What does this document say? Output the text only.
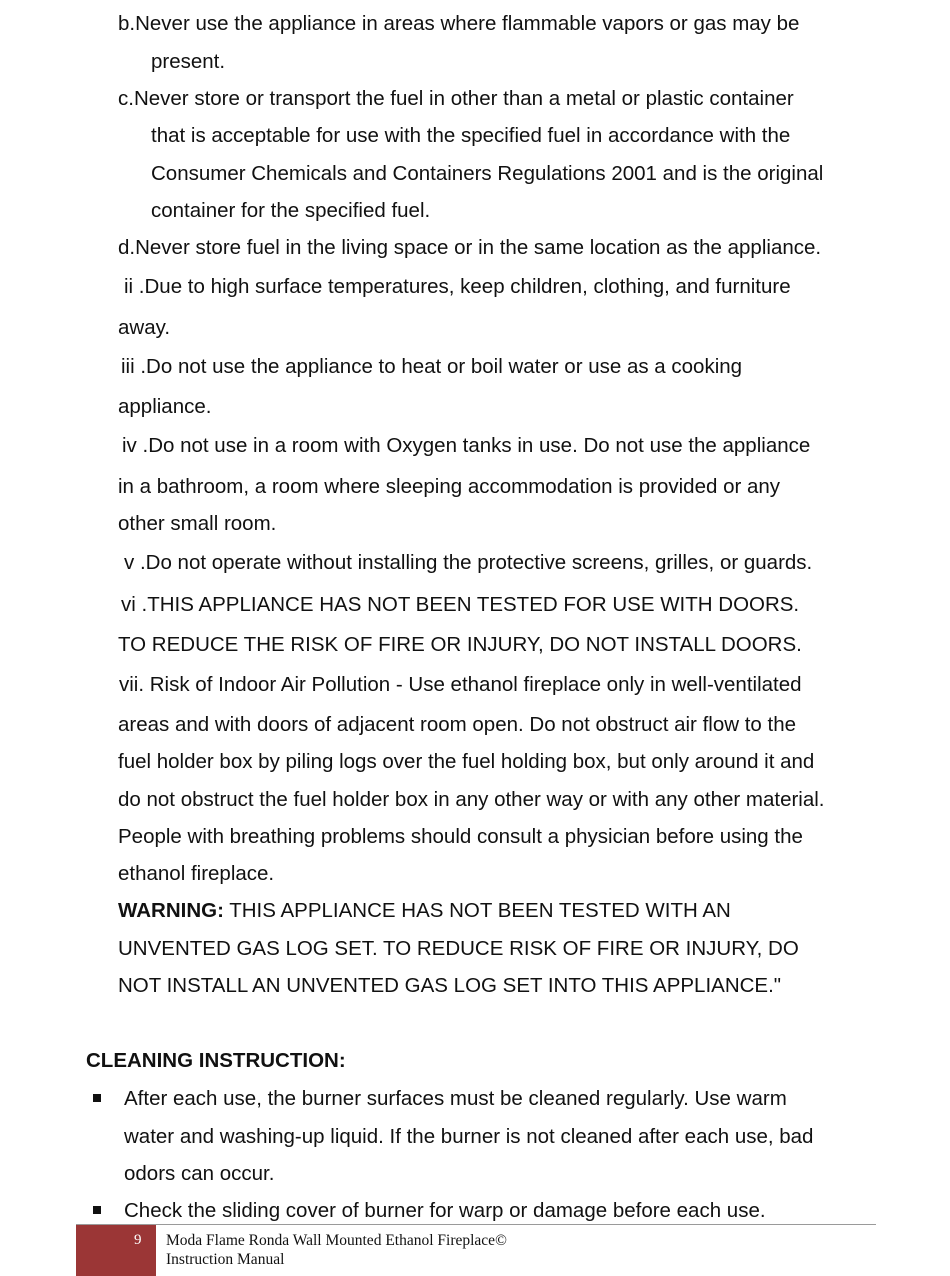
b.Never use the appliance in areas where flammable vapors or gas may be
present.
c.Never store or transport the fuel in other than a metal or plastic container
that is acceptable for use with the specified fuel in accordance with the
Consumer Chemicals and Containers Regulations 2001 and is the original
container for the specified fuel.
d.Never store fuel in the living space or in the same location as the appliance.
ii .Due to high surface temperatures, keep children, clothing, and furniture
away.
iii .Do not use the appliance to heat or boil water or use as a cooking
appliance.
iv .Do not use in a room with Oxygen tanks in use. Do not use the appliance
in a bathroom, a room where sleeping accommodation is provided or any
other small room.
v .Do not operate without installing the protective screens, grilles, or guards.
vi .THIS APPLIANCE HAS NOT BEEN TESTED FOR USE WITH DOORS.
TO REDUCE THE RISK OF FIRE OR INJURY, DO NOT INSTALL DOORS.
vii. Risk of Indoor Air Pollution - Use ethanol fireplace only in well-ventilated
areas and with doors of adjacent room open. Do not obstruct air flow to the
fuel holder box by piling logs over the fuel holding box, but only around it and
do not obstruct the fuel holder box in any other way or with any other material.
People with breathing problems should consult a physician before using the
ethanol fireplace.
WARNING: THIS APPLIANCE HAS NOT BEEN TESTED WITH AN
UNVENTED GAS LOG SET. TO REDUCE RISK OF FIRE OR INJURY, DO
NOT INSTALL AN UNVENTED GAS LOG SET INTO THIS APPLIANCE."
CLEANING INSTRUCTION:
After each use, the burner surfaces must be cleaned regularly. Use warm
water and washing-up liquid. If the burner is not cleaned after each use, bad
odors can occur.
Check the sliding cover of burner for warp or damage before each use.
9 Moda Flame Ronda Wall Mounted Ethanol Fireplace©
Instruction Manual
